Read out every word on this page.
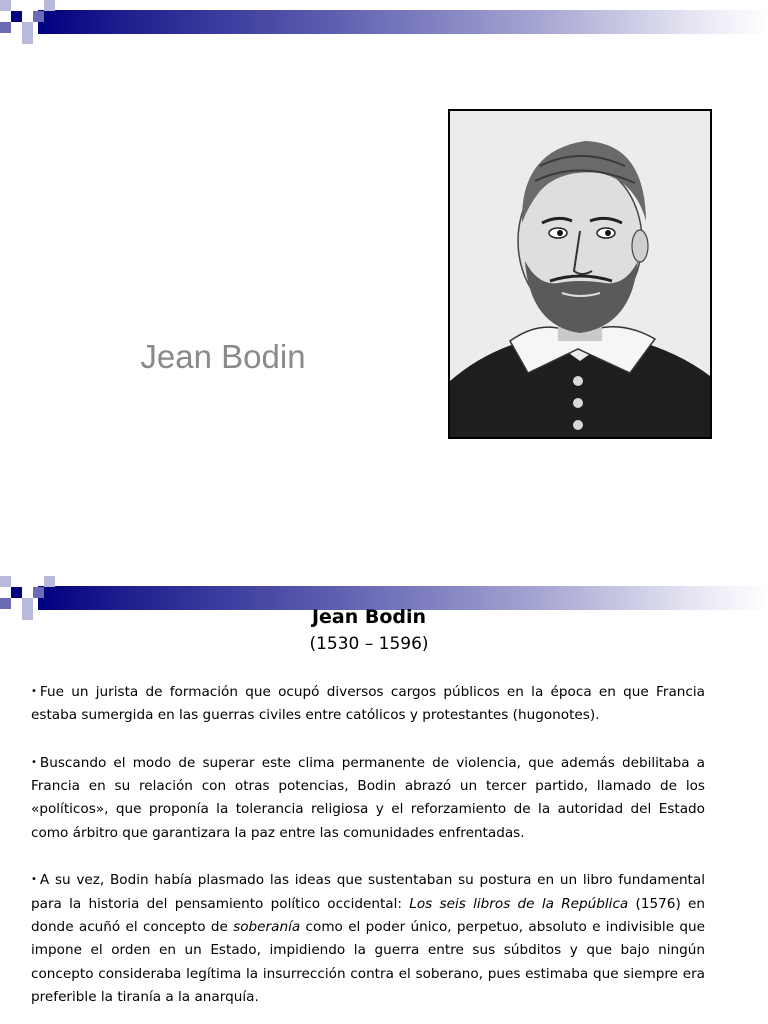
Jean Bodin
Jean Bodin
(1530 – 1596)

• Fue un jurista de formación que ocupó diversos cargos públicos en la época en que Francia estaba sumergida en las guerras civiles entre católicos y protestantes (hugonotes).

• Buscando el modo de superar este clima permanente de violencia, que además debilitaba a Francia en su relación con otras potencias, Bodin abrazó un tercer partido, llamado de los «políticos», que proponía la tolerancia religiosa y el reforzamiento de la autoridad del Estado como árbitro que garantizara la paz entre las comunidades enfrentadas.

• A su vez, Bodin había plasmado las ideas que sustentaban su postura en un libro fundamental para la historia del pensamiento político occidental: Los seis libros de la República (1576) en donde acuñó el concepto de soberanía como el poder único, perpetuo, absoluto e indivisible que impone el orden en un Estado, impidiendo la guerra entre sus súbditos y que bajo ningún concepto consideraba legítima la insurrección contra el soberano, pues estimaba que siempre era preferible la tiranía a la anarquía.
